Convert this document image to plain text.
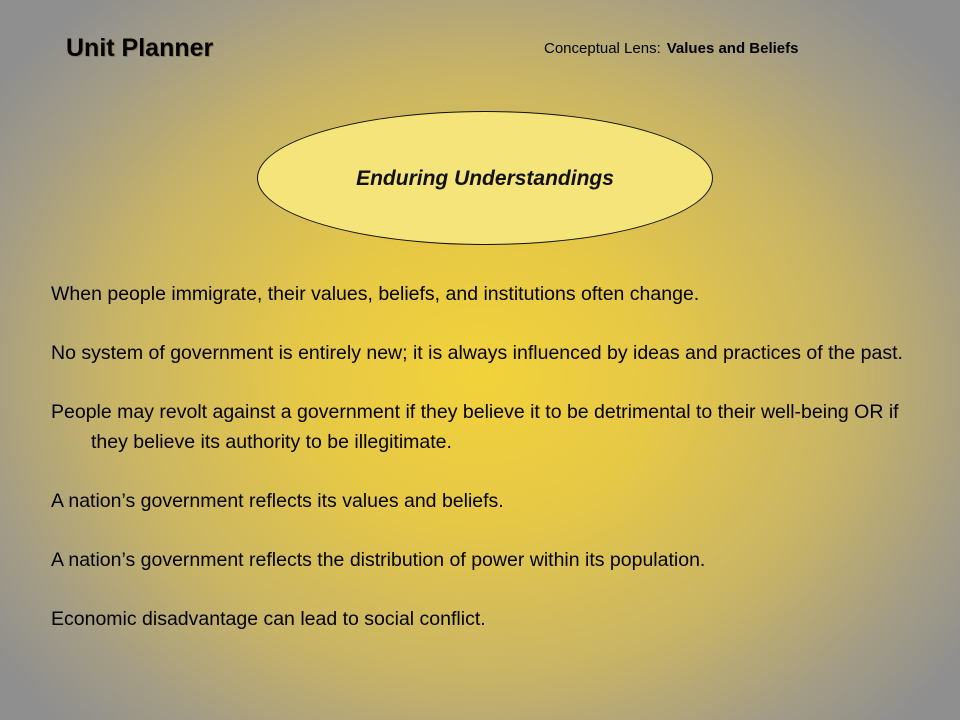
Unit Planner	Conceptual Lens: Values and Beliefs
Enduring Understandings

When people immigrate, their values, beliefs, and institutions often change.

No system of government is entirely new; it is always influenced by ideas and practices of the past.

People may revolt against a government if they believe it to be detrimental to their well-being OR if they believe its authority to be illegitimate.

A nation’s government reflects its values and beliefs.

A nation’s government reflects the distribution of power within its population.

Economic disadvantage can lead to social conflict.
